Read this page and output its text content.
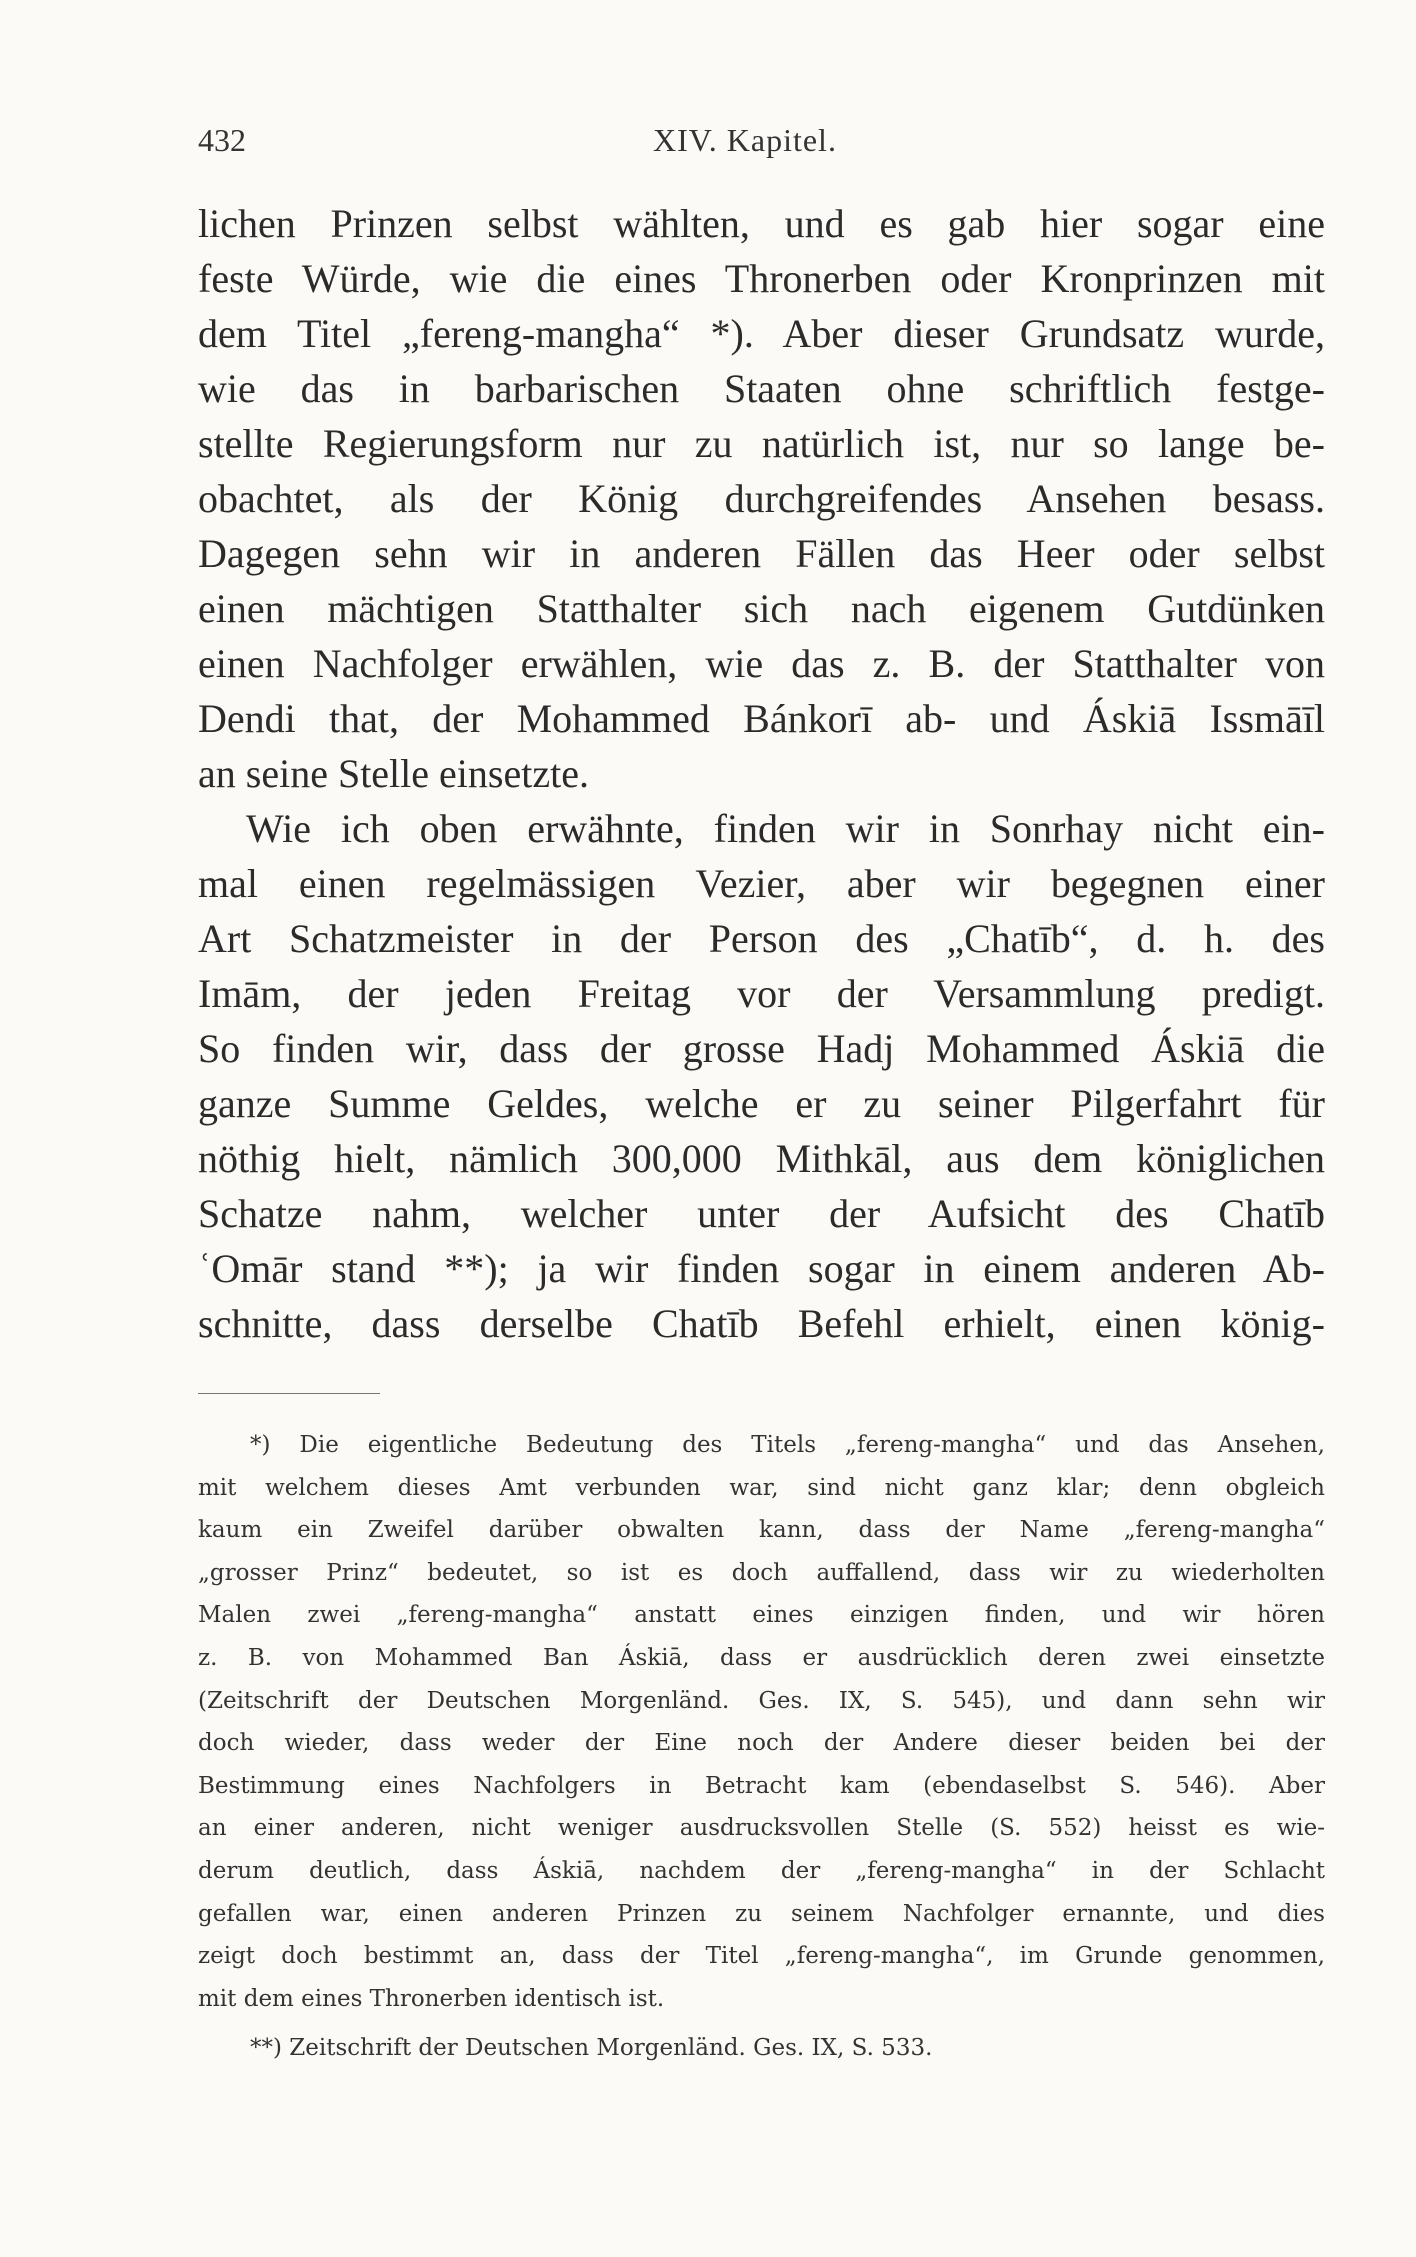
432	XIV. Kapitel.
lichen Prinzen selbst wählten, und es gab hier sogar eine
feste Würde, wie die eines Thronerben oder Kronprinzen mit
dem Titel „fereng-mangha“ *). Aber dieser Grundsatz wurde,
wie das in barbarischen Staaten ohne schriftlich festge-
stellte Regierungsform nur zu natürlich ist, nur so lange be-
obachtet, als der König durchgreifendes Ansehen besass.
Dagegen sehn wir in anderen Fällen das Heer oder selbst
einen mächtigen Statthalter sich nach eigenem Gutdünken
einen Nachfolger erwählen, wie das z. B. der Statthalter von
Dendi that, der Mohammed Bánkorī ab- und Áskiā Issmāīl
an seine Stelle einsetzte.
Wie ich oben erwähnte, finden wir in Sonrhay nicht ein-
mal einen regelmässigen Vezier, aber wir begegnen einer
Art Schatzmeister in der Person des „Chatīb“, d. h. des
Imām, der jeden Freitag vor der Versammlung predigt.
So finden wir, dass der grosse Hadj Mohammed Áskiā die
ganze Summe Geldes, welche er zu seiner Pilgerfahrt für
nöthig hielt, nämlich 300,000 Mithkāl, aus dem königlichen
Schatze nahm, welcher unter der Aufsicht des Chatīb
ʿOmār stand **); ja wir finden sogar in einem anderen Ab-
schnitte, dass derselbe Chatīb Befehl erhielt, einen könig-
*) Die eigentliche Bedeutung des Titels „fereng-mangha“ und das Ansehen,
mit welchem dieses Amt verbunden war, sind nicht ganz klar; denn obgleich
kaum ein Zweifel darüber obwalten kann, dass der Name „fereng-mangha“
„grosser Prinz“ bedeutet, so ist es doch auffallend, dass wir zu wiederholten
Malen zwei „fereng-mangha“ anstatt eines einzigen finden, und wir hören
z. B. von Mohammed Ban Áskiā, dass er ausdrücklich deren zwei einsetzte
(Zeitschrift der Deutschen Morgenländ. Ges. IX, S. 545), und dann sehn wir
doch wieder, dass weder der Eine noch der Andere dieser beiden bei der
Bestimmung eines Nachfolgers in Betracht kam (ebendaselbst S. 546). Aber
an einer anderen, nicht weniger ausdrucksvollen Stelle (S. 552) heisst es wie-
derum deutlich, dass Áskiā, nachdem der „fereng-mangha“ in der Schlacht
gefallen war, einen anderen Prinzen zu seinem Nachfolger ernannte, und dies
zeigt doch bestimmt an, dass der Titel „fereng-mangha“, im Grunde genommen,
mit dem eines Thronerben identisch ist.
**) Zeitschrift der Deutschen Morgenländ. Ges. IX, S. 533.
